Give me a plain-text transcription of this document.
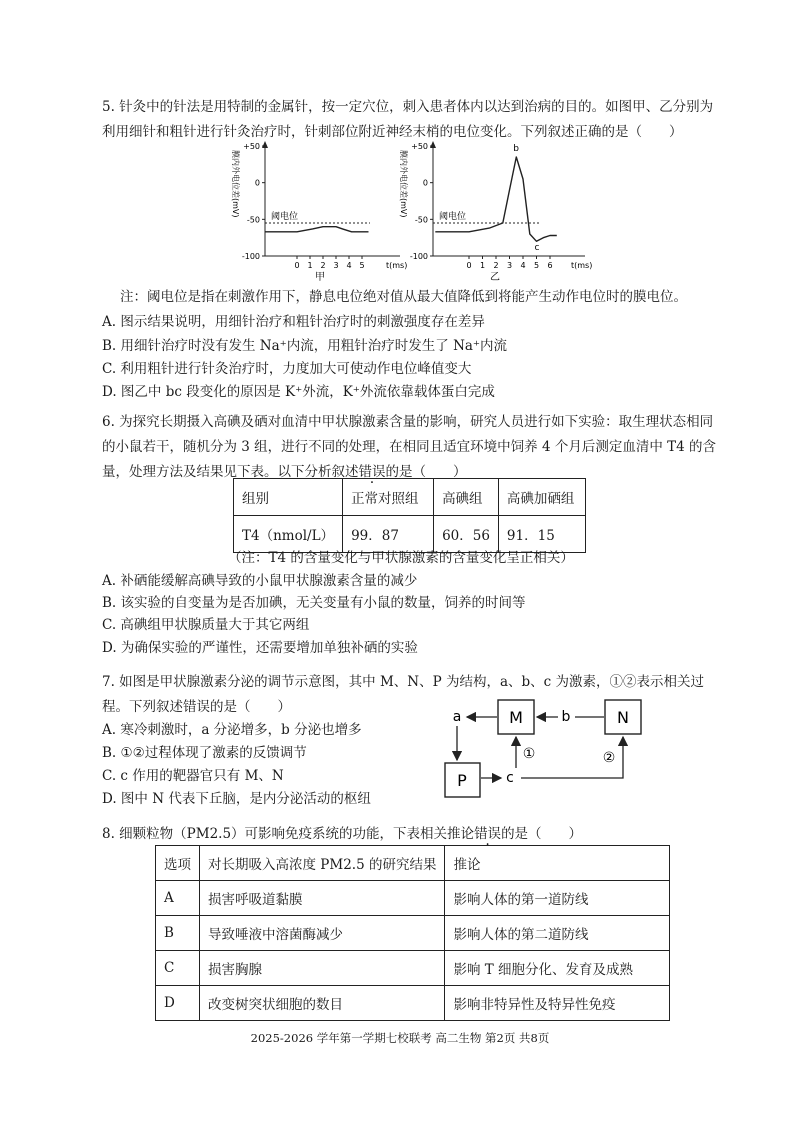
5. 针灸中的针法是用特制的金属针，按一定穴位，刺入患者体内以达到治病的目的。如图甲、乙分别为利用细针和粗针进行针灸治疗时，针刺部位附近神经末梢的电位变化。下列叙述正确的是（　　）
+50
0
-50
-100
0 1 2 3 4 5	t(ms)
甲
膜内外电位差(mV)	阈电位
+50
0
-50
-100
0 1 2 3 4 5 6 t(ms)
乙
膜内外电位差(mV)	阈电位
b
c
注：阈电位是指在刺激作用下，静息电位绝对值从最大值降低到将能产生动作电位时的膜电位。
A. 图示结果说明，用细针治疗和粗针治疗时的刺激强度存在差异
B. 用细针治疗时没有发生 Na⁺内流，用粗针治疗时发生了 Na⁺内流
C. 利用粗针进行针灸治疗时，力度加大可使动作电位峰值变大
D. 图乙中 bc 段变化的原因是 K⁺外流，K⁺外流依靠载体蛋白完成
6. 为探究长期摄入高碘及硒对血清中甲状腺激素含量的影响，研究人员进行如下实验：取生理状态相同的小鼠若干，随机分为 3 组，进行不同的处理，在相同且适宜环境中饲养 4 个月后测定血清中 T4 的含量，处理方法及结果见下表。以下分析叙述错误的是（　　）
组别	正常对照组	高碘组	高碘加硒组
T4（nmol/L）	99．87	60．56	91．15
（注：T4 的含量变化与甲状腺激素的含量变化呈正相关）
A. 补硒能缓解高碘导致的小鼠甲状腺激素含量的减少
B. 该实验的自变量为是否加碘，无关变量有小鼠的数量，饲养的时间等
C. 高碘组甲状腺质量大于其它两组
D. 为确保实验的严谨性，还需要增加单独补硒的实验
7. 如图是甲状腺激素分泌的调节示意图，其中 M、N、P 为结构，a、b、c 为激素，①②表示相关过程。下列叙述错误的是（　　）
A. 寒冷刺激时，a 分泌增多，b 分泌也增多
B. ①②过程体现了激素的反馈调节
C. c 作用的靶器官只有 M、N
D. 图中 N 代表下丘脑，是内分泌活动的枢纽
M	N
P
a	b
c
①	②
8. 细颗粒物（PM2.5）可影响免疫系统的功能，下表相关推论错误的是（　　）
选项	对长期吸入高浓度 PM2.5 的研究结果	推论
A	损害呼吸道黏膜	影响人体的第一道防线
B	导致唾液中溶菌酶减少	影响人体的第二道防线
C	损害胸腺	影响 T 细胞分化、发育及成熟
D	改变树突状细胞的数目	影响非特异性及特异性免疫
2025-2026 学年第一学期七校联考 高二生物 第2页 共8页
